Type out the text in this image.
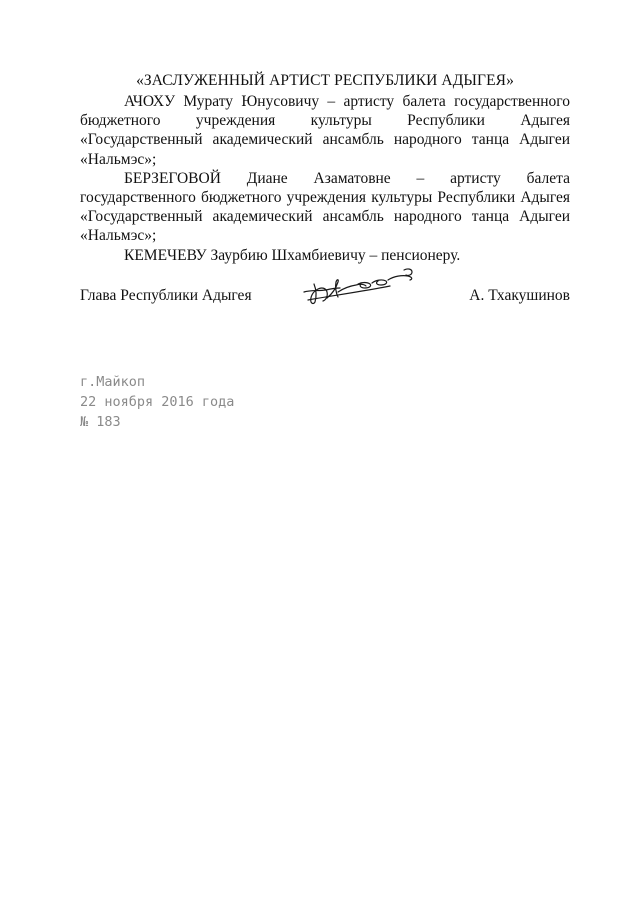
«ЗАСЛУЖЕННЫЙ АРТИСТ РЕСПУБЛИКИ АДЫГЕЯ»

АЧОХУ Мурату Юнусовичу – артисту балета государственного бюджетного учреждения культуры Республики Адыгея «Государственный академический ансамбль народного танца Адыгеи «Нальмэс»;

БЕРЗЕГОВОЙ Диане Азаматовне – артисту балета государственного бюджетного учреждения культуры Республики Адыгея «Государственный академический ансамбль народного танца Адыгеи «Нальмэс»;

КЕМЕЧЕВУ Заурбию Шхамбиевичу – пенсионеру.

Глава Республики Адыгея	А. Тхакушинов
г.Майкоп
22 ноября 2016 года
№ 183
